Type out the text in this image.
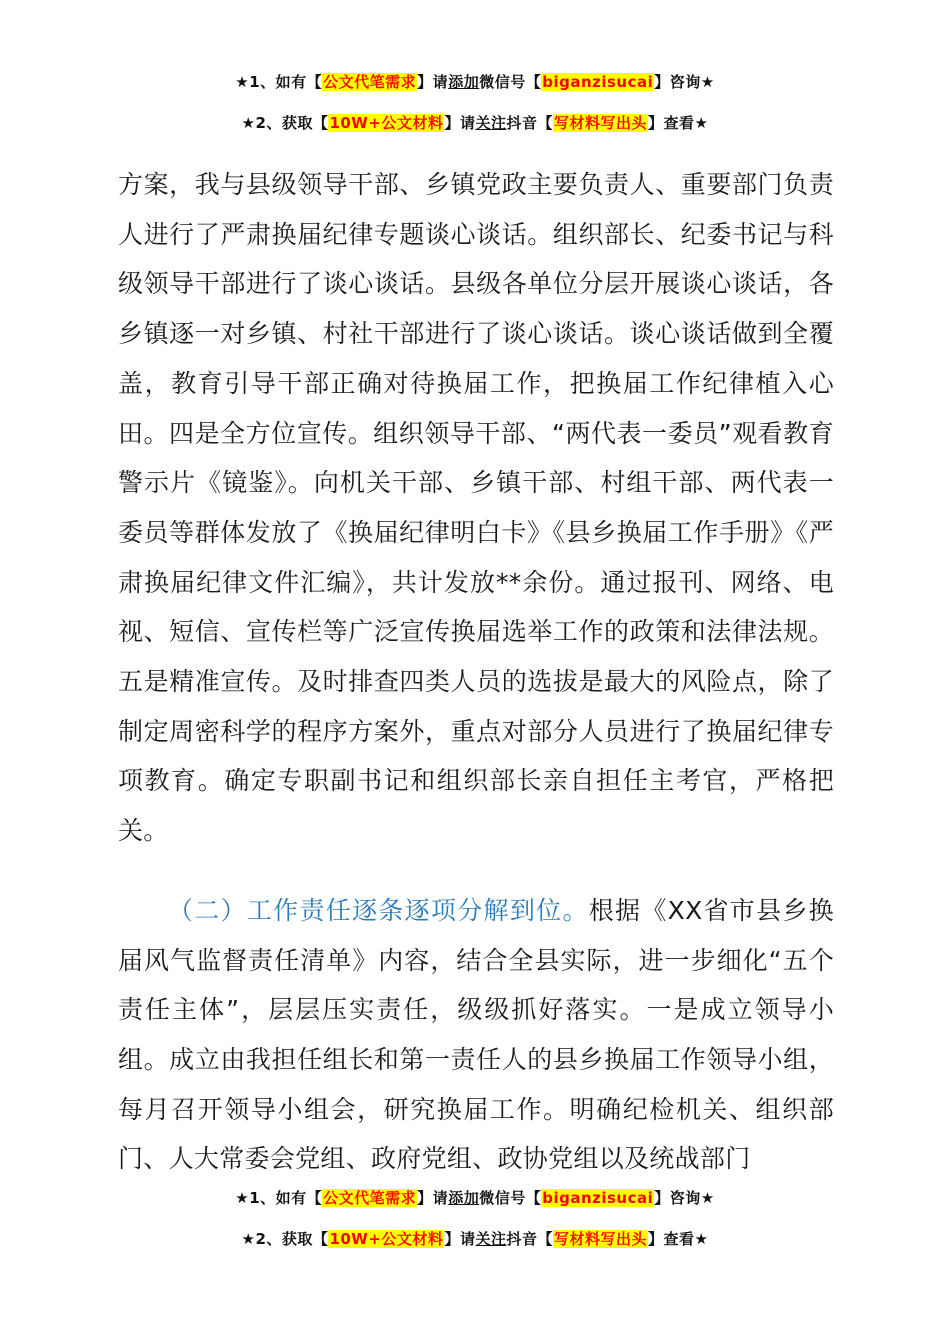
★1、如有【公文代笔需求】请添加微信号【biganzisucai】咨询★
★2、获取【10W+公文材料】请关注抖音【写材料写出头】查看★

方案，我与县级领导干部、乡镇党政主要负责人、重要部门负责人进行了严肃换届纪律专题谈心谈话。组织部长、纪委书记与科级领导干部进行了谈心谈话。县级各单位分层开展谈心谈话，各乡镇逐一对乡镇、村社干部进行了谈心谈话。谈心谈话做到全覆盖，教育引导干部正确对待换届工作，把换届工作纪律植入心田。四是全方位宣传。组织领导干部、“两代表一委员”观看教育警示片《镜鉴》。向机关干部、乡镇干部、村组干部、两代表一委员等群体发放了《换届纪律明白卡》《县乡换届工作手册》《严肃换届纪律文件汇编》，共计发放**余份。通过报刊、网络、电视、短信、宣传栏等广泛宣传换届选举工作的政策和法律法规。五是精准宣传。及时排查四类人员的选拔是最大的风险点，除了制定周密科学的程序方案外，重点对部分人员进行了换届纪律专项教育。确定专职副书记和组织部长亲自担任主考官，严格把关。

（二）工作责任逐条逐项分解到位。根据《XX省市县乡换届风气监督责任清单》内容，结合全县实际，进一步细化“五个责任主体”，层层压实责任，级级抓好落实。一是成立领导小组。成立由我担任组长和第一责任人的县乡换届工作领导小组，每月召开领导小组会，研究换届工作。明确纪检机关、组织部门、人大常委会党组、政府党组、政协党组以及统战部门

★1、如有【公文代笔需求】请添加微信号【biganzisucai】咨询★
★2、获取【10W+公文材料】请关注抖音【写材料写出头】查看★
